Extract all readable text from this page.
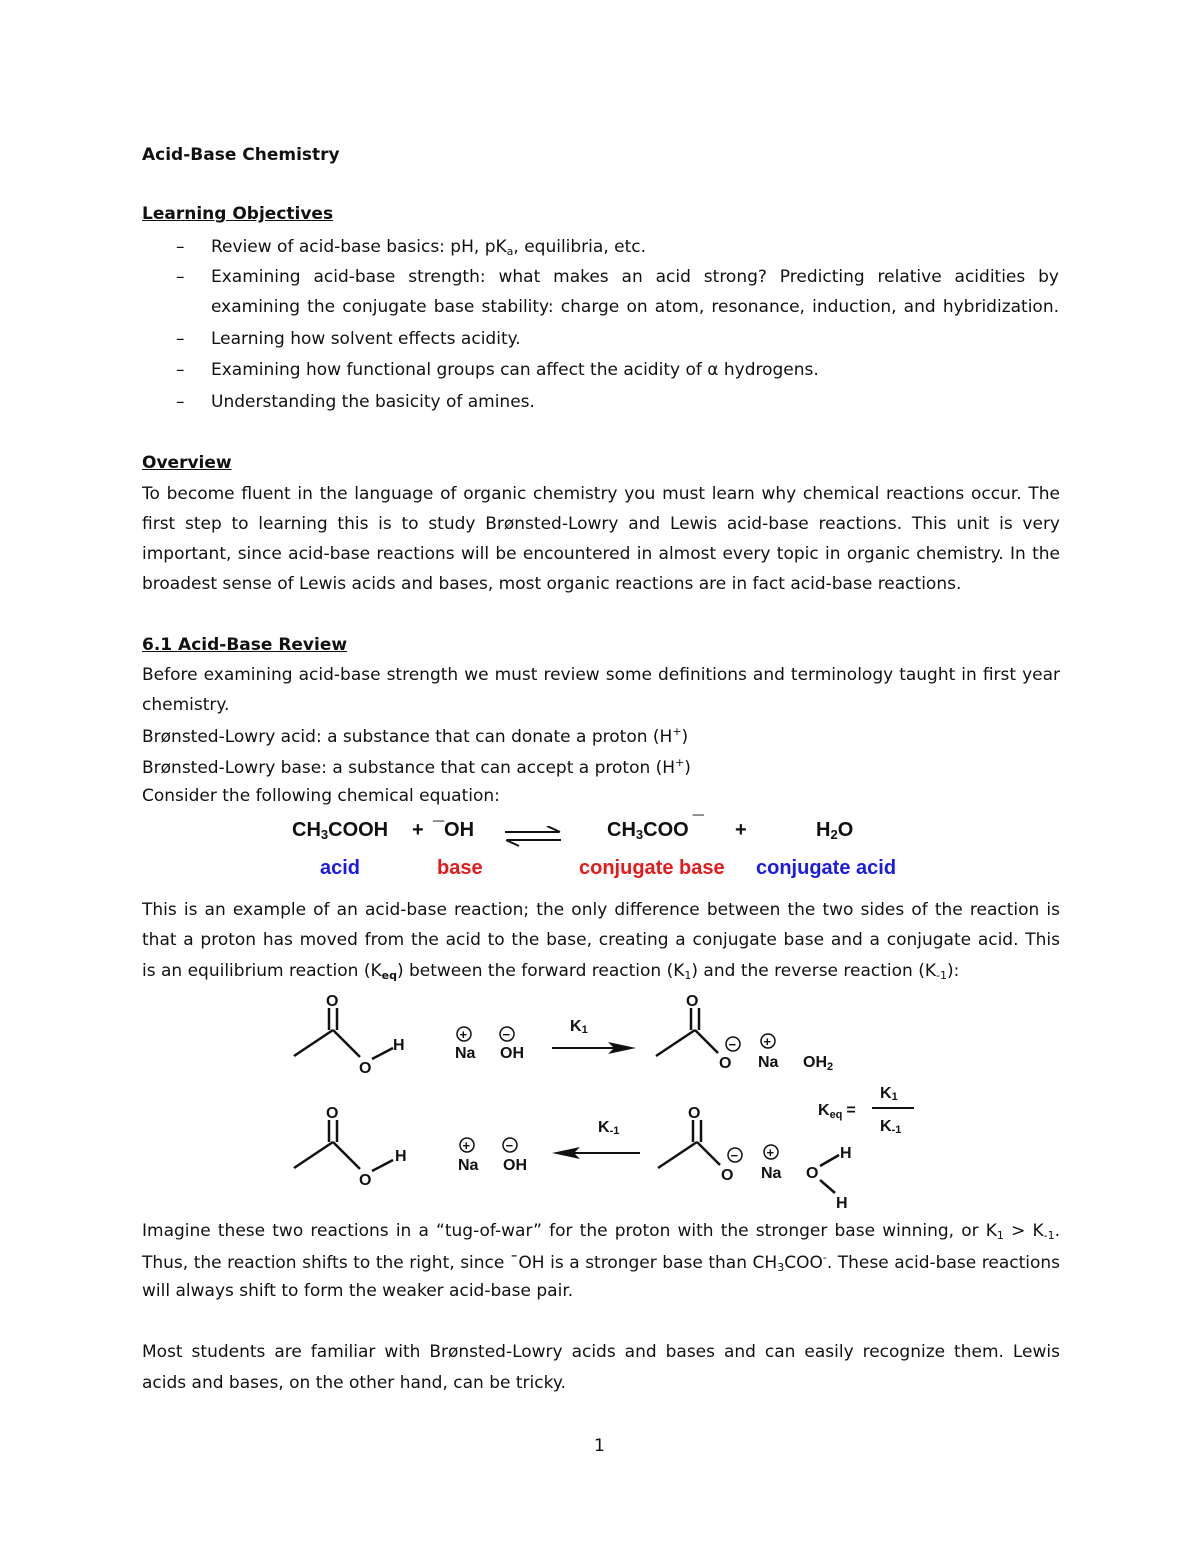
Acid-Base Chemistry
Learning Objectives
– Review of acid-base basics: pH, $pK_a$, equilibria, etc.
– Examining acid-base strength: what makes an acid strong? Predicting relative acidities by
examining the conjugate base stability: charge on atom, resonance, induction, and hybridization.
– Learning how solvent effects acidity.
– Examining how functional groups can affect the acidity of α hydrogens.
– Understanding the basicity of amines.
Overview
To become fluent in the language of organic chemistry you must learn why chemical reactions occur. The
first step to learning this is to study Brønsted-Lowry and Lewis acid-base reactions. This unit is very
important, since acid-base reactions will be encountered in almost every topic in organic chemistry. In the
broadest sense of Lewis acids and bases, most organic reactions are in fact acid-base reactions.
6.1 Acid-Base Review
Before examining acid-base strength we must review some definitions and terminology taught in first year
chemistry.
Brønsted-Lowry acid: a substance that can donate a proton (H+)
Brønsted-Lowry base: a substance that can accept a proton (H+)
Consider the following chemical equation:
$CH_3COOH$ + ¯OH	$CH_3COO$ ¯ +	$H_2O$
acid	base	conjugate base conjugate acid
This is an example of an acid-base reaction; the only difference between the two sides of the reaction is
that a proton has moved from the acid to the base, creating a conjugate base and a conjugate acid. This
is an equilibrium reaction $(K_{eq})$ between the forward reaction $(K_1)$ and the reverse reaction $(K_{-1})$:
O
O
H
+
Na
−
OH
K1
O
O
− +
Na OH2
Keq =
K1
K-1
O
O
H
+
Na
−
OH
K-1
O
O
− +
Na O
H
H
Imagine these two reactions in a “tug-of-war” for the proton with the stronger base winning, or $K_1 > K_{-1}$.
Thus, the reaction shifts to the right, since ¯OH is a stronger base than $CH_3COO^-$. These acid-base reactions
will always shift to form the weaker acid-base pair.
Most students are familiar with Brønsted-Lowry acids and bases and can easily recognize them. Lewis
acids and bases, on the other hand, can be tricky.
1
